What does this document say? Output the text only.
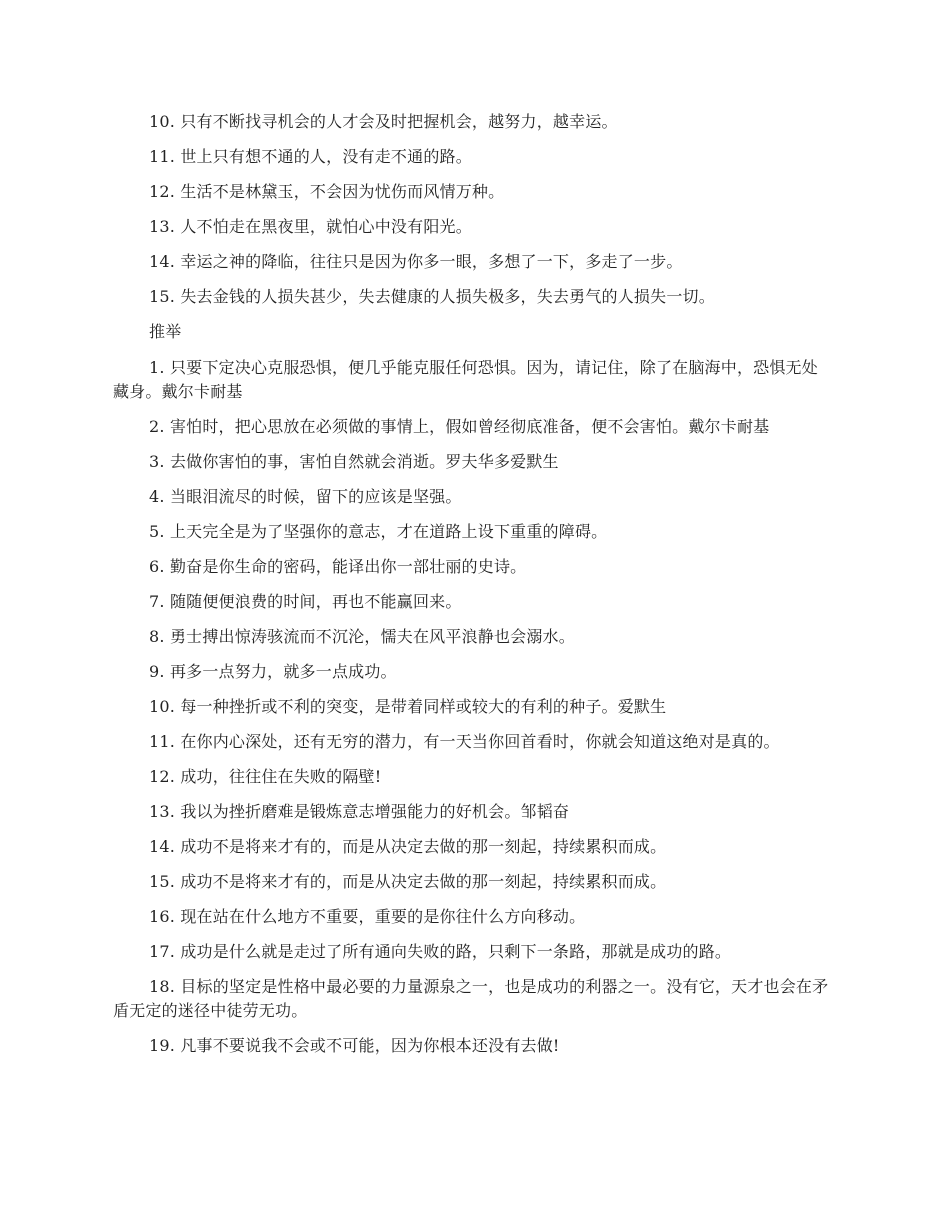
10. 只有不断找寻机会的人才会及时把握机会，越努力，越幸运。

11. 世上只有想不通的人，没有走不通的路。

12. 生活不是林黛玉，不会因为忧伤而风情万种。

13. 人不怕走在黑夜里，就怕心中没有阳光。

14. 幸运之神的降临，往往只是因为你多一眼，多想了一下，多走了一步。

15. 失去金钱的人损失甚少，失去健康的人损失极多，失去勇气的人损失一切。

推举

1. 只要下定决心克服恐惧，便几乎能克服任何恐惧。因为，请记住，除了在脑海中，恐惧无处藏身。戴尔卡耐基

2. 害怕时，把心思放在必须做的事情上，假如曾经彻底准备，便不会害怕。戴尔卡耐基

3. 去做你害怕的事，害怕自然就会消逝。罗夫华多爱默生

4. 当眼泪流尽的时候，留下的应该是坚强。

5. 上天完全是为了坚强你的意志，才在道路上设下重重的障碍。

6. 勤奋是你生命的密码，能译出你一部壮丽的史诗。

7. 随随便便浪费的时间，再也不能赢回来。

8. 勇士搏出惊涛骇流而不沉沦，懦夫在风平浪静也会溺水。

9. 再多一点努力，就多一点成功。

10. 每一种挫折或不利的突变，是带着同样或较大的有利的种子。爱默生

11. 在你内心深处，还有无穷的潜力，有一天当你回首看时，你就会知道这绝对是真的。

12. 成功，往往住在失败的隔壁!

13. 我以为挫折磨难是锻炼意志增强能力的好机会。邹韬奋

14. 成功不是将来才有的，而是从决定去做的那一刻起，持续累积而成。

15. 成功不是将来才有的，而是从决定去做的那一刻起，持续累积而成。

16. 现在站在什么地方不重要，重要的是你往什么方向移动。

17. 成功是什么就是走过了所有通向失败的路，只剩下一条路，那就是成功的路。

18. 目标的坚定是性格中最必要的力量源泉之一，也是成功的利器之一。没有它，天才也会在矛盾无定的迷径中徒劳无功。

19. 凡事不要说我不会或不可能，因为你根本还没有去做!
